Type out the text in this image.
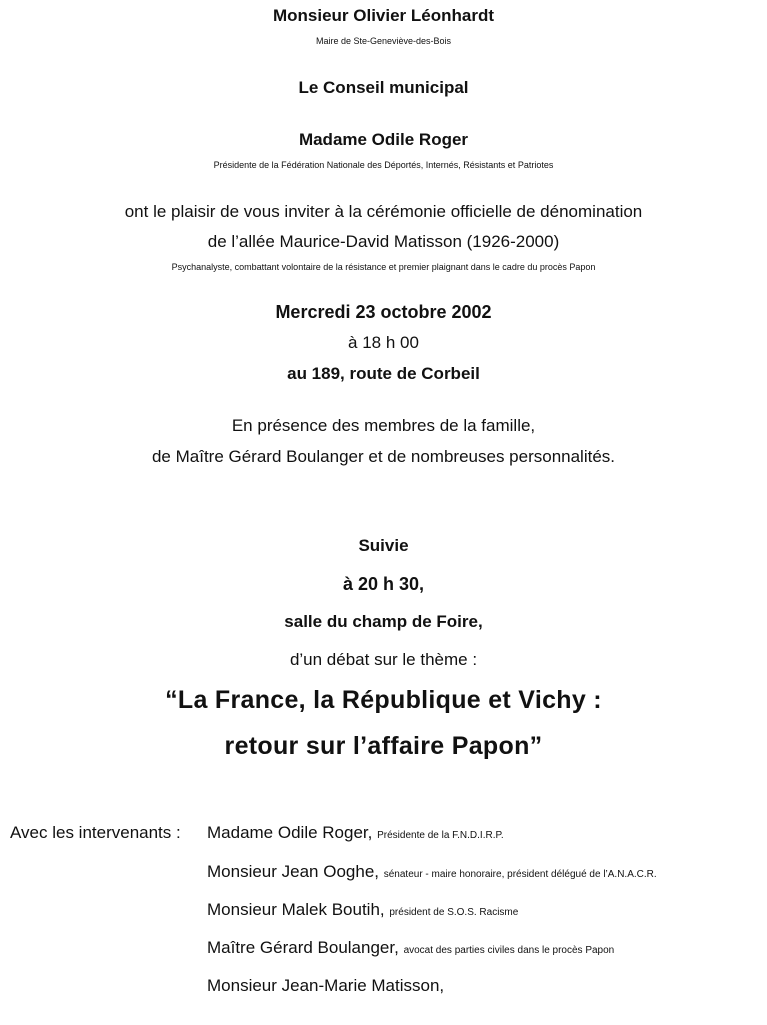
Monsieur Olivier Léonhardt
Maire de Ste-Geneviève-des-Bois
Le Conseil municipal
Madame Odile Roger
Présidente de la Fédération Nationale des Déportés, Internés, Résistants et Patriotes
ont le plaisir de vous inviter à la cérémonie officielle de dénomination
de l’allée Maurice-David Matisson (1926-2000)
Psychanalyste, combattant volontaire de la résistance et premier plaignant dans le cadre du procès Papon
Mercredi 23 octobre 2002
à 18 h 00
au 189, route de Corbeil
En présence des membres de la famille,
de Maître Gérard Boulanger et de nombreuses personnalités.
Suivie
à 20 h 30,
salle du champ de Foire,
d’un débat sur le thème :
“La France, la République et Vichy :
retour sur l’affaire Papon”
Avec les intervenants : Madame Odile Roger, Présidente de la F.N.D.I.R.P.
Monsieur Jean Ooghe, sénateur - maire honoraire, président délégué de l’A.N.A.C.R.
Monsieur Malek Boutih, président de S.O.S. Racisme
Maître Gérard Boulanger, avocat des parties civiles dans le procès Papon
Monsieur Jean-Marie Matisson,
